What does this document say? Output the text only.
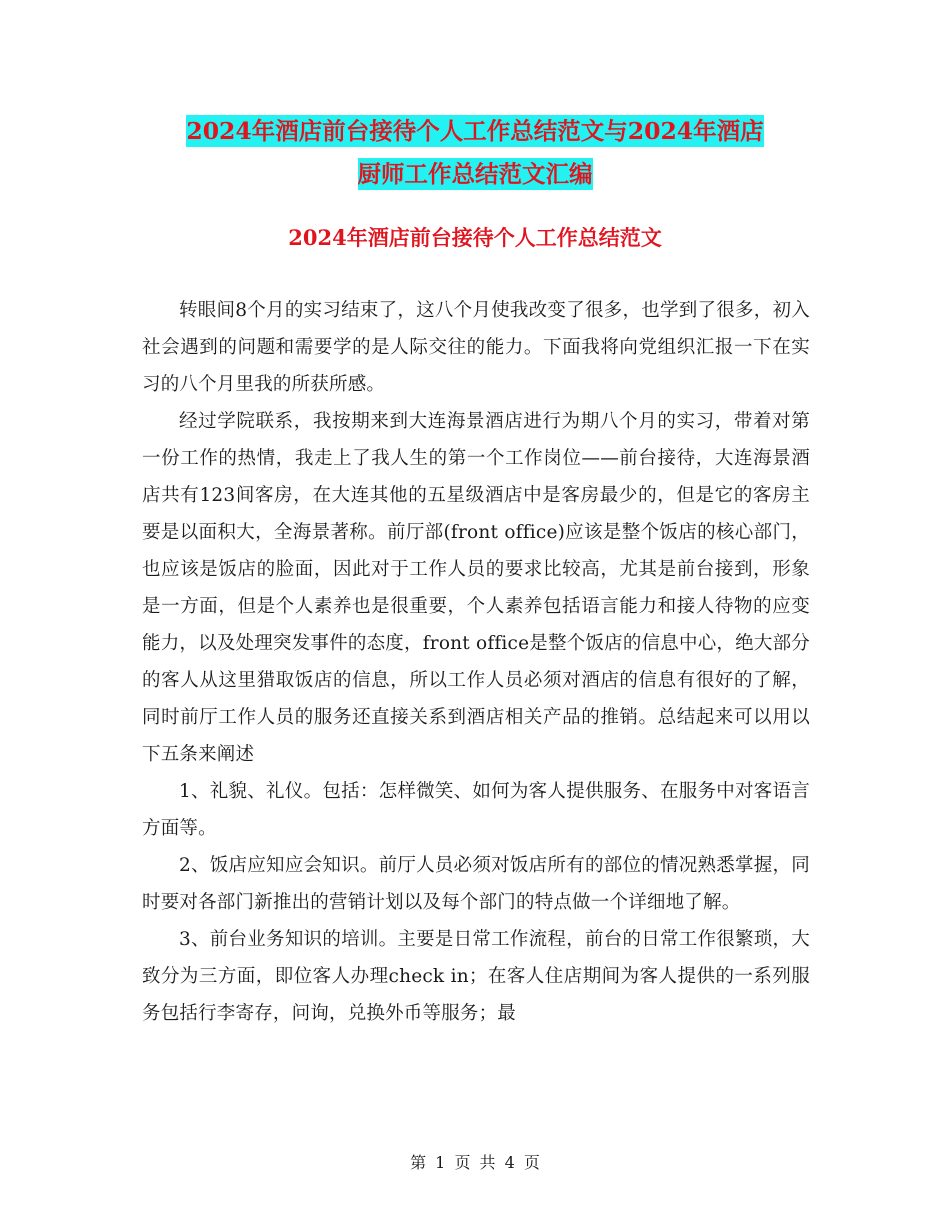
2024年酒店前台接待个人工作总结范文与2024年酒店
厨师工作总结范文汇编
2024年酒店前台接待个人工作总结范文

转眼间8个月的实习结束了，这八个月使我改变了很多，也学到了很多，初入社会遇到的问题和需要学的是人际交往的能力。下面我将向党组织汇报一下在实习的八个月里我的所获所感。

经过学院联系，我按期来到大连海景酒店进行为期八个月的实习，带着对第一份工作的热情，我走上了我人生的第一个工作岗位——前台接待，大连海景酒店共有123间客房，在大连其他的五星级酒店中是客房最少的，但是它的客房主要是以面积大，全海景著称。前厅部(front office)应该是整个饭店的核心部门，也应该是饭店的脸面，因此对于工作人员的要求比较高，尤其是前台接到，形象是一方面，但是个人素养也是很重要，个人素养包括语言能力和接人待物的应变能力，以及处理突发事件的态度，front office是整个饭店的信息中心，绝大部分的客人从这里猎取饭店的信息，所以工作人员必须对酒店的信息有很好的了解，同时前厅工作人员的服务还直接关系到酒店相关产品的推销。总结起来可以用以下五条来阐述

1、礼貌、礼仪。包括：怎样微笑、如何为客人提供服务、在服务中对客语言方面等。

2、饭店应知应会知识。前厅人员必须对饭店所有的部位的情况熟悉掌握，同时要对各部门新推出的营销计划以及每个部门的特点做一个详细地了解。

3、前台业务知识的培训。主要是日常工作流程，前台的日常工作很繁琐，大致分为三方面，即位客人办理check in；在客人住店期间为客人提供的一系列服务包括行李寄存，问询，兑换外币等服务；最

第 1 页 共 4 页
